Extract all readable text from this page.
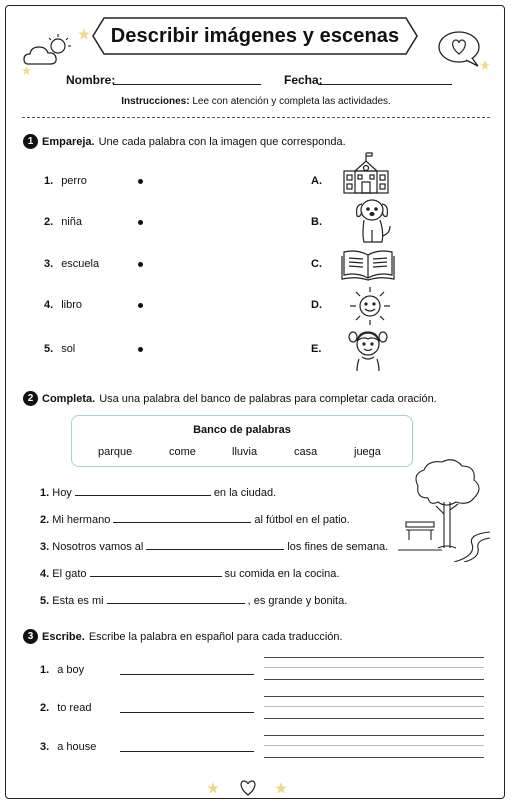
Describir imágenes y escenas
Nombre:	Fecha:
Instrucciones: Lee con atención y completa las actividades.
1 Empareja. Une cada palabra con la imagen que corresponda.
1. perro
2. niña
3. escuela
4. libro
5. sol
A.
B.
C.
D.
E.
2 Completa. Usa una palabra del banco de palabras para completar cada oración.
Banco de palabras
parque	come	lluvia	casa	juega
1. Hoy	en la ciudad.
2. Mi hermano	al fútbol en el patio.
3. Nosotros vamos al	los fines de semana.
4. El gato	su comida en la cocina.
5. Esta es mi	, es grande y bonita.
3 Escribe. Escribe la palabra en español para cada traducción.
1. a boy
2. to read
3. a house
